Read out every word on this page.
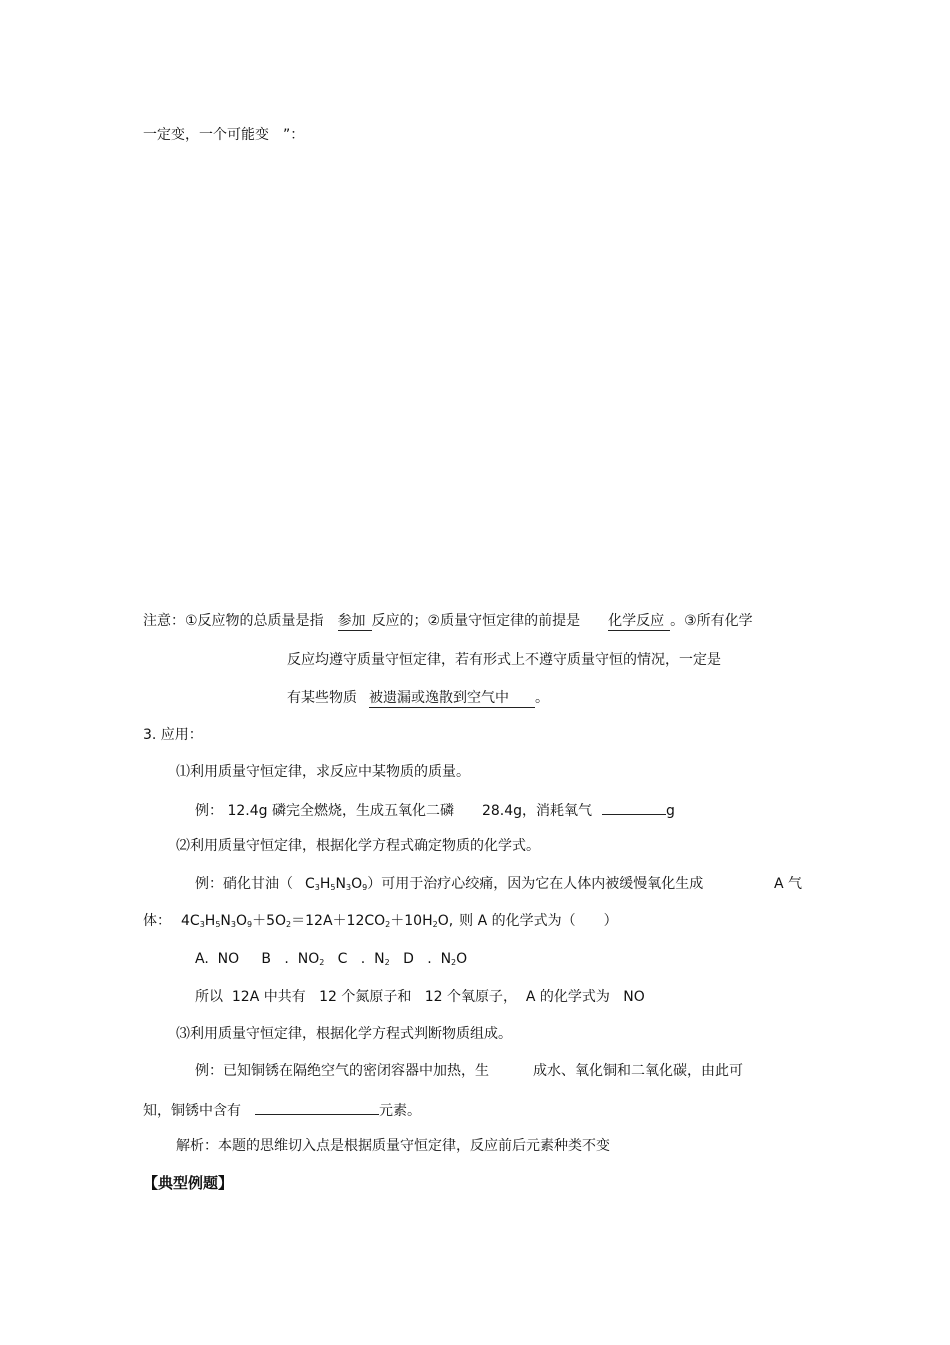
一定变，一个可能变　”：
注意：①反应物的总质量是指 参加 反应的；②质量守恒定律的前提是 化学反应 。③所有化学
反应均遵守质量守恒定律，若有形式上不遵守质量守恒的情况，一定是
有某些物质 被遗漏或逸散到空气中 。
3. 应用：
⑴利用质量守恒定律，求反应中某物质的质量。
例： 12.4g 磷完全燃烧，生成五氧化二磷 28.4g，消耗氧气	g
⑵利用质量守恒定律，根据化学方程式确定物质的化学式。
例：硝化甘油（ $C_3H_5N_3O_9$）可用于治疗心绞痛，因为它在人体内被缓慢氧化生成	A 气
体： $4C_3H_5N_3O_9+5O_2=12A+12CO_2+10H_2O$, 则 A 的化学式为（　　）
A.  NO     B   .  $NO_2$   C   .  $N_2$   D   .  $N_2O$
所以  12A 中共有   12 个氮原子和   12 个氧原子，  A 的化学式为   NO
⑶利用质量守恒定律，根据化学方程式判断物质组成。
例：已知铜锈在隔绝空气的密闭容器中加热，生	成水、氧化铜和二氧化碳，由此可
知，铜锈中含有	元素。
解析：本题的思维切入点是根据质量守恒定律，反应前后元素种类不变
【典型例题】
